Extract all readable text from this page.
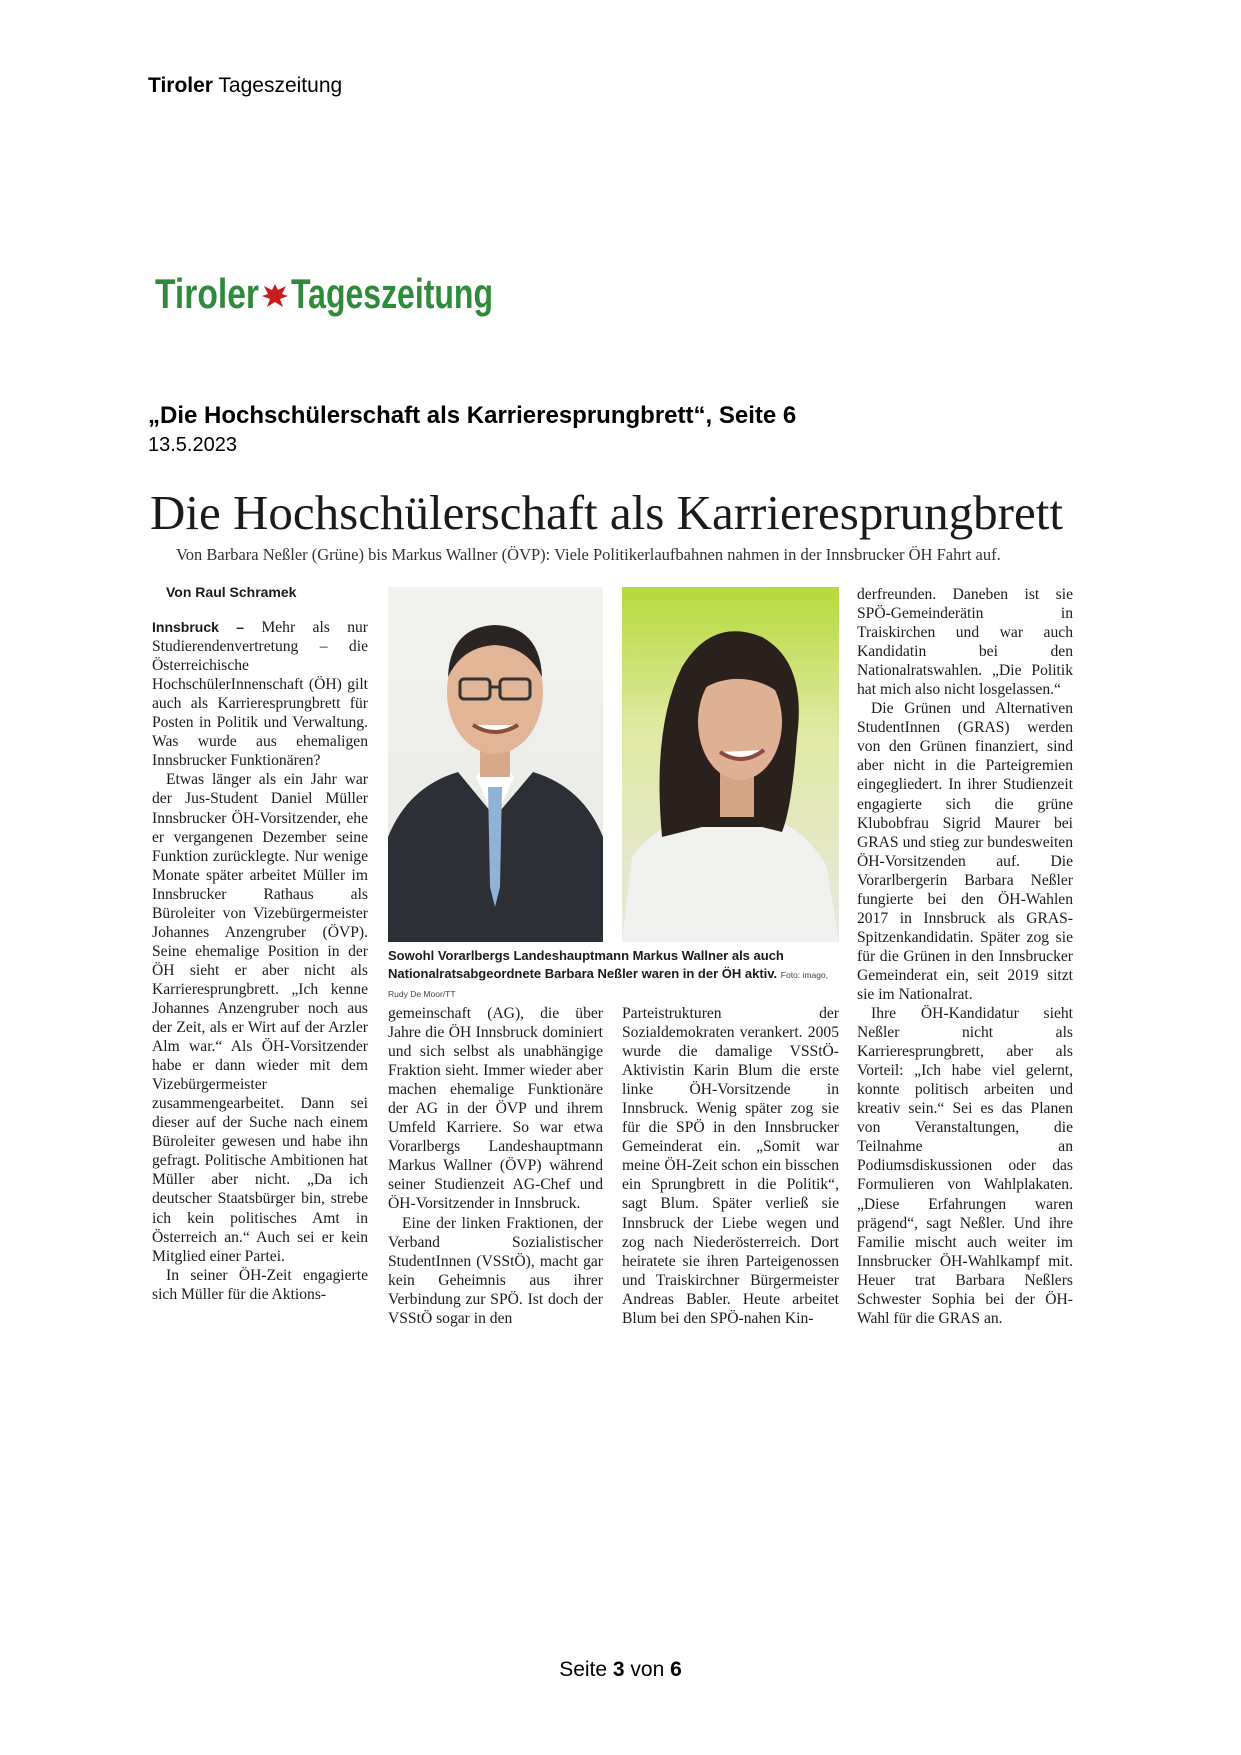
Tiroler Tageszeitung
Tiroler Tageszeitung
„Die Hochschülerschaft als Karrieresprungbrett“, Seite 6
13.5.2023
Die Hochschülerschaft als Karrieresprungbrett
Von Barbara Neßler (Grüne) bis Markus Wallner (ÖVP): Viele Politikerlaufbahnen nahmen in der Innsbrucker ÖH Fahrt auf.

Von Raul Schramek

Innsbruck – Mehr als nur Studierendenvertretung – die Österreichische HochschülerInnenschaft (ÖH) gilt auch als Karrieresprungbrett für Posten in Politik und Verwaltung. Was wurde aus ehemaligen Innsbrucker Funktionären?

Etwas länger als ein Jahr war der Jus-Student Daniel Müller Innsbrucker ÖH-Vorsitzender, ehe er vergangenen Dezember seine Funktion zurücklegte. Nur wenige Monate später arbeitet Müller im Innsbrucker Rathaus als Büroleiter von Vizebürgermeister Johannes Anzengruber (ÖVP). Seine ehemalige Position in der ÖH sieht er aber nicht als Karrieresprungbrett. „Ich kenne Johannes Anzengruber noch aus der Zeit, als er Wirt auf der Arzler Alm war.“ Als ÖH-Vorsitzender habe er dann wieder mit dem Vizebürgermeister zusammengearbeitet. Dann sei dieser auf der Suche nach einem Büroleiter gewesen und habe ihn gefragt. Politische Ambitionen hat Müller aber nicht. „Da ich deutscher Staatsbürger bin, strebe ich kein politisches Amt in Österreich an.“ Auch sei er kein Mitglied einer Partei.

In seiner ÖH-Zeit engagierte sich Müller für die Aktions-

Sowohl Vorarlbergs Landeshauptmann Markus Wallner als auch Nationalratsabgeordnete Barbara Neßler waren in der ÖH aktiv. Foto: imago, Rudy De Moor/TT

gemeinschaft (AG), die über Jahre die ÖH Innsbruck dominiert und sich selbst als unabhängige Fraktion sieht. Immer wieder aber machen ehemalige Funktionäre der AG in der ÖVP und ihrem Umfeld Karriere. So war etwa Vorarlbergs Landeshauptmann Markus Wallner (ÖVP) während seiner Studienzeit AG-Chef und ÖH-Vorsitzender in Innsbruck.

Eine der linken Fraktionen, der Verband Sozialistischer StudentInnen (VSStÖ), macht gar kein Geheimnis aus ihrer Verbindung zur SPÖ. Ist doch der VSStÖ sogar in den

Parteistrukturen der Sozialdemokraten verankert. 2005 wurde die damalige VSStÖ-Aktivistin Karin Blum die erste linke ÖH-Vorsitzende in Innsbruck. Wenig später zog sie für die SPÖ in den Innsbrucker Gemeinderat ein. „Somit war meine ÖH-Zeit schon ein bisschen ein Sprungbrett in die Politik“, sagt Blum. Später verließ sie Innsbruck der Liebe wegen und zog nach Niederösterreich. Dort heiratete sie ihren Parteigenossen und Traiskirchner Bürgermeister Andreas Babler. Heute arbeitet Blum bei den SPÖ-nahen Kin-

derfreunden. Daneben ist sie SPÖ-Gemeinderätin in Traiskirchen und war auch Kandidatin bei den Nationalratswahlen. „Die Politik hat mich also nicht losgelassen.“

Die Grünen und Alternativen StudentInnen (GRAS) werden von den Grünen finanziert, sind aber nicht in die Parteigremien eingegliedert. In ihrer Studienzeit engagierte sich die grüne Klubobfrau Sigrid Maurer bei GRAS und stieg zur bundesweiten ÖH-Vorsitzenden auf. Die Vorarlbergerin Barbara Neßler fungierte bei den ÖH-Wahlen 2017 in Innsbruck als GRAS-Spitzenkandidatin. Später zog sie für die Grünen in den Innsbrucker Gemeinderat ein, seit 2019 sitzt sie im Nationalrat.

Ihre ÖH-Kandidatur sieht Neßler nicht als Karrieresprungbrett, aber als Vorteil: „Ich habe viel gelernt, konnte politisch arbeiten und kreativ sein.“ Sei es das Planen von Veranstaltungen, die Teilnahme an Podiumsdiskussionen oder das Formulieren von Wahlplakaten. „Diese Erfahrungen waren prägend“, sagt Neßler. Und ihre Familie mischt auch weiter im Innsbrucker ÖH-Wahlkampf mit. Heuer trat Barbara Neßlers Schwester Sophia bei der ÖH-Wahl für die GRAS an.

Seite 3 von 6
